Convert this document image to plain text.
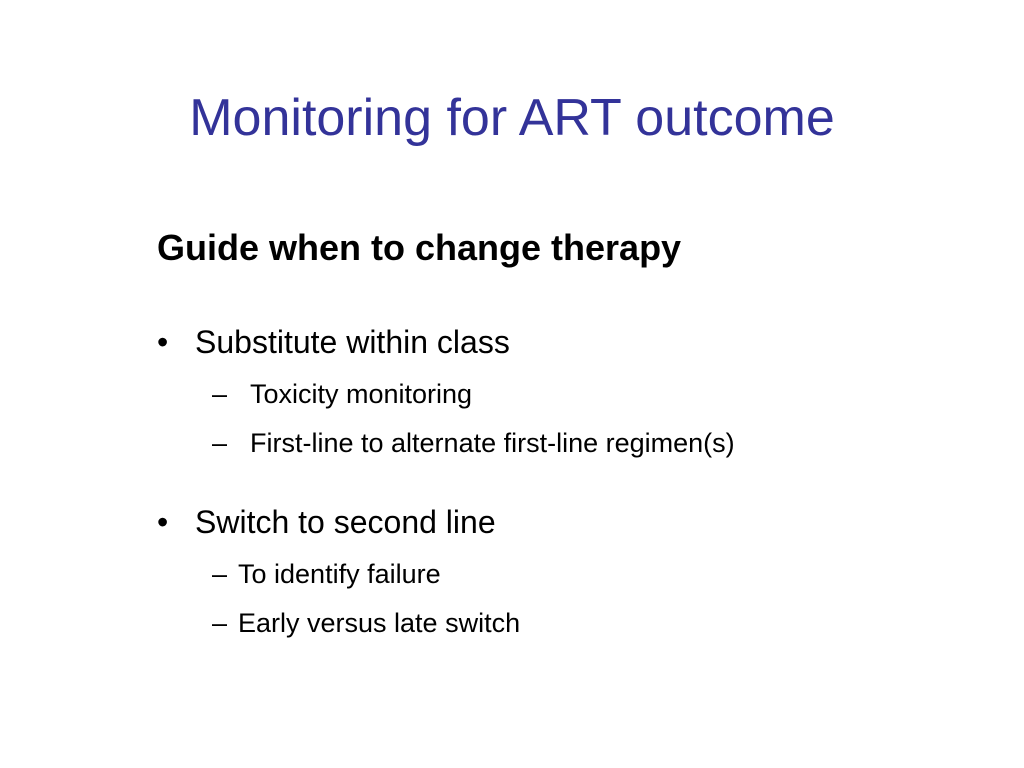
Monitoring for ART outcome
Guide when to change therapy
• Substitute within class
– Toxicity monitoring
– First-line to alternate first-line regimen(s)
• Switch to second line
– To identify failure
– Early versus late switch
